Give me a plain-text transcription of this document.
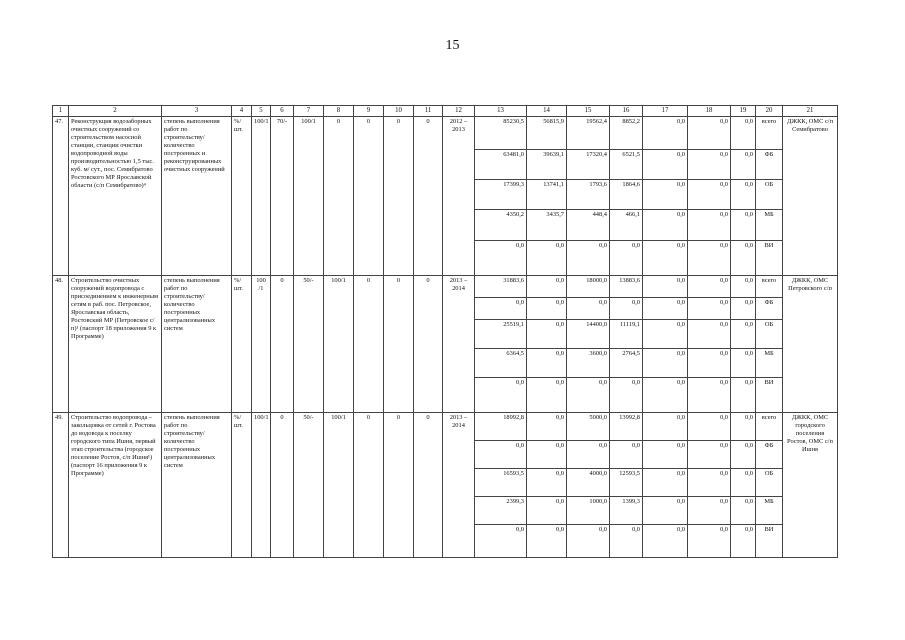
15
1	2	3	4	5	6	7	8	9	10	11	12	13	14	15	16	17	18	19	20	21
47.	Реконструкция водозаборных очистных сооружений со строительством насосной станции, станции очистки водопроводной воды производительностью 1,5 тыс. куб. м/ сут., пос. Семибратово Ростовского МР Ярославской области (с/п Семибратово)⁴	степень выполнения работ по строительству/ количество построенных и реконструированных очистных сооружений	%/ шт.	100/1	70/-	100/1	0	0	0	0	2012 – 2013	85230,5	56815,9	19562,4	8852,2	0,0	0,0	0,0	всего	ДЖКК, ОМС с/п Семибратово
												63481,0	39639,1	17320,4	6521,5	0,0	0,0	0,0	ФБ	
												17399,3	13741,1	1793,6	1864,6	0,0	0,0	0,0	ОБ	
												4350,2	3435,7	448,4	466,1	0,0	0,0	0,0	МБ	
												0,0	0,0	0,0	0,0	0,0	0,0	0,0	ВИ	
48.	Строительство очистных сооружений водопровода с присоединением к инженерным сетям в раб. пос. Петровское, Ярославская область, Ростовский МР (Петровское с/п)¹ (паспорт 18 приложения 9 к Программе)	степень выполнения работ по строительству/ количество построенных централизованных систем	%/ шт.	100 /1	0	50/-	100/1	0	0	0	2013 – 2014	31883,6	0,0	18000,0	13883,6	0,0	0,0	0,0	всего	ДЖКК, ОМС Петровского с/п
												0,0	0,0	0,0	0,0	0,0	0,0	0,0	ФБ	
												25519,1	0,0	14400,0	11119,1	0,0	0,0	0,0	ОБ	
												6364,5	0,0	3600,0	2764,5	0,0	0,0	0,0	МБ	
												0,0	0,0	0,0	0,0	0,0	0,0	0,0	ВИ	
49.	Строительство водопровода – закольцовка от сетей г. Ростова до водовода к поселку городского типа Ишня, первый этап строительства (городское поселение Ростов, с/п Ишня¹) (паспорт 16 приложения 9 к Программе)	степень выполнения работ по строительству/ количество построенных централизованных систем	%/ шт.	100/1	0	50/-	100/1	0	0	0	2013 – 2014	18992,8	0,0	5000,0	13992,8	0,0	0,0	0,0	всего	ДЖКК, ОМС городского поселения Ростов, ОМС с/п Ишня
												0,0	0,0	0,0	0,0	0,0	0,0	0,0	ФБ	
												16593,5	0,0	4000,0	12593,5	0,0	0,0	0,0	ОБ	
												2399,3	0,0	1000,0	1399,3	0,0	0,0	0,0	МБ	
												0,0	0,0	0,0	0,0	0,0	0,0	0,0	ВИ	
